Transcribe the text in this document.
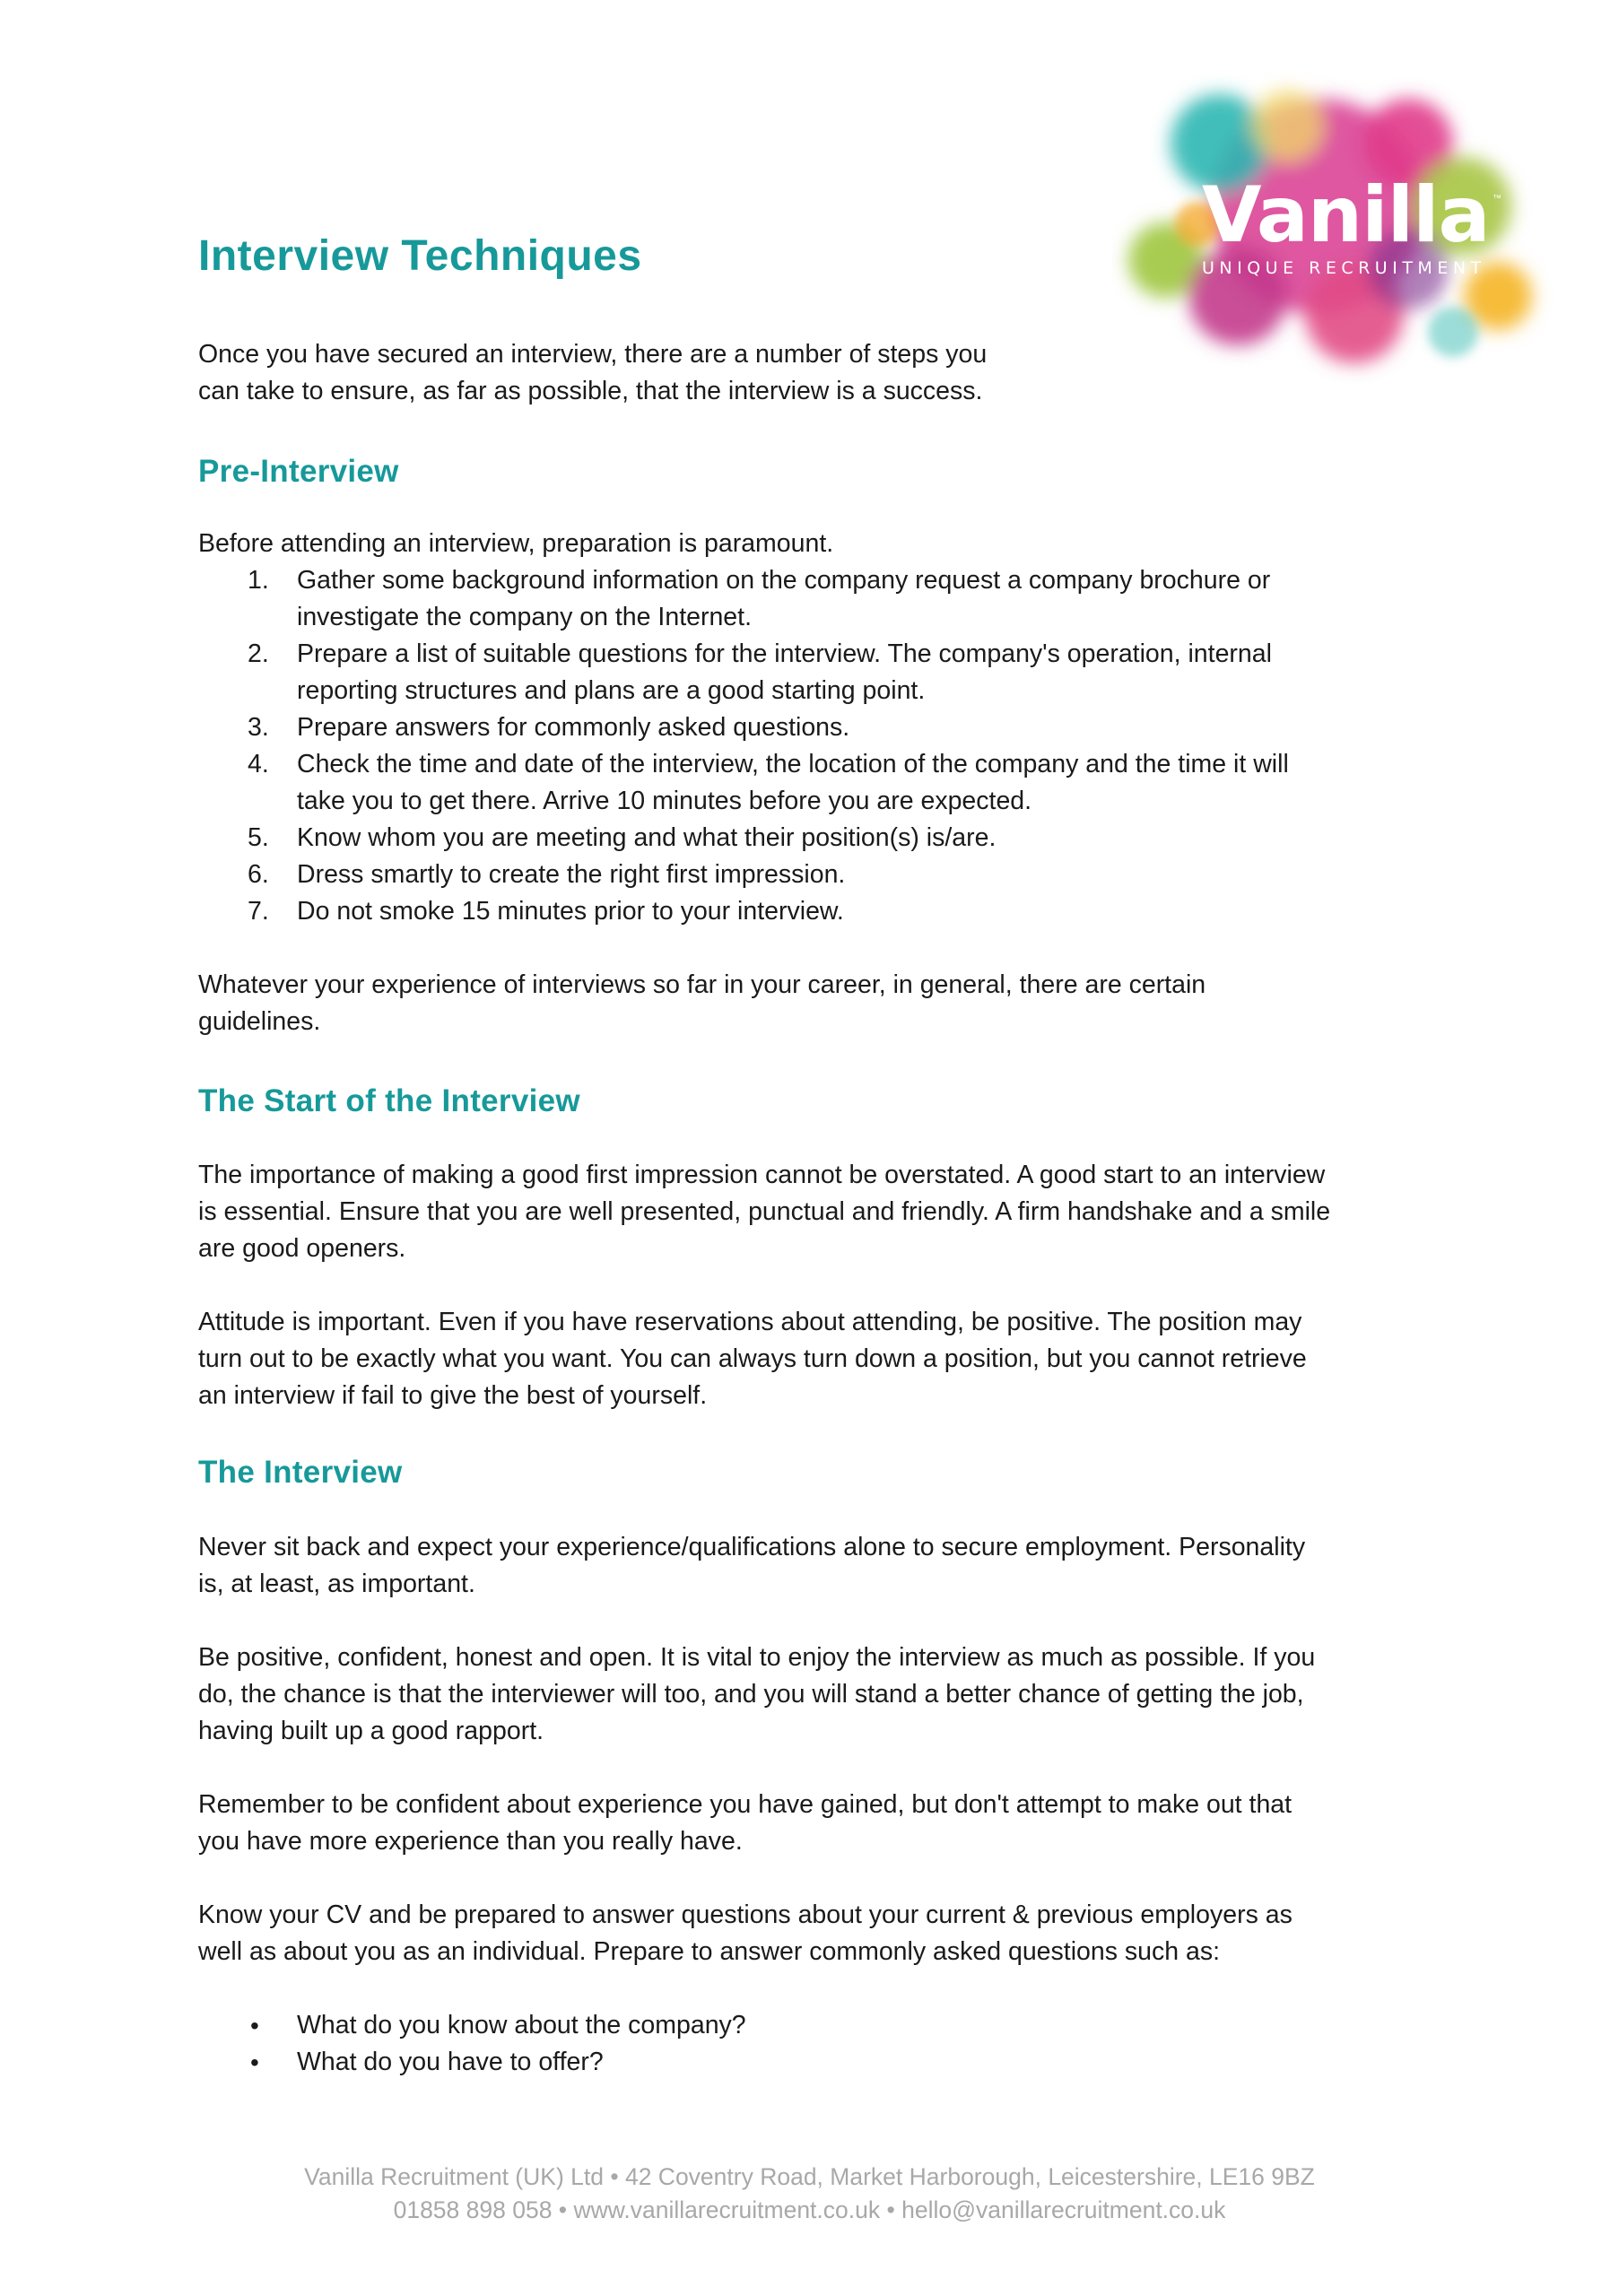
Vanilla ™
UNIQUE RECRUITMENT
Interview Techniques
Once you have secured an interview, there are a number of steps you
can take to ensure, as far as possible, that the interview is a success.
Pre-Interview
Before attending an interview, preparation is paramount.
1. Gather some background information on the company request a company brochure or
investigate the company on the Internet.
2. Prepare a list of suitable questions for the interview. The company's operation, internal
reporting structures and plans are a good starting point.
3. Prepare answers for commonly asked questions.
4. Check the time and date of the interview, the location of the company and the time it will
take you to get there. Arrive 10 minutes before you are expected.
5. Know whom you are meeting and what their position(s) is/are.
6. Dress smartly to create the right first impression.
7. Do not smoke 15 minutes prior to your interview.
Whatever your experience of interviews so far in your career, in general, there are certain
guidelines.
The Start of the Interview
The importance of making a good first impression cannot be overstated. A good start to an interview
is essential. Ensure that you are well presented, punctual and friendly. A firm handshake and a smile
are good openers.
Attitude is important. Even if you have reservations about attending, be positive. The position may
turn out to be exactly what you want. You can always turn down a position, but you cannot retrieve
an interview if fail to give the best of yourself.
The Interview
Never sit back and expect your experience/qualifications alone to secure employment. Personality
is, at least, as important.
Be positive, confident, honest and open. It is vital to enjoy the interview as much as possible. If you
do, the chance is that the interviewer will too, and you will stand a better chance of getting the job,
having built up a good rapport.
Remember to be confident about experience you have gained, but don't attempt to make out that
you have more experience than you really have.
Know your CV and be prepared to answer questions about your current & previous employers as
well as about you as an individual. Prepare to answer commonly asked questions such as:
• What do you know about the company?
• What do you have to offer?
Vanilla Recruitment (UK) Ltd • 42 Coventry Road, Market Harborough, Leicestershire, LE16 9BZ
01858 898 058 • www.vanillarecruitment.co.uk • hello@vanillarecruitment.co.uk
